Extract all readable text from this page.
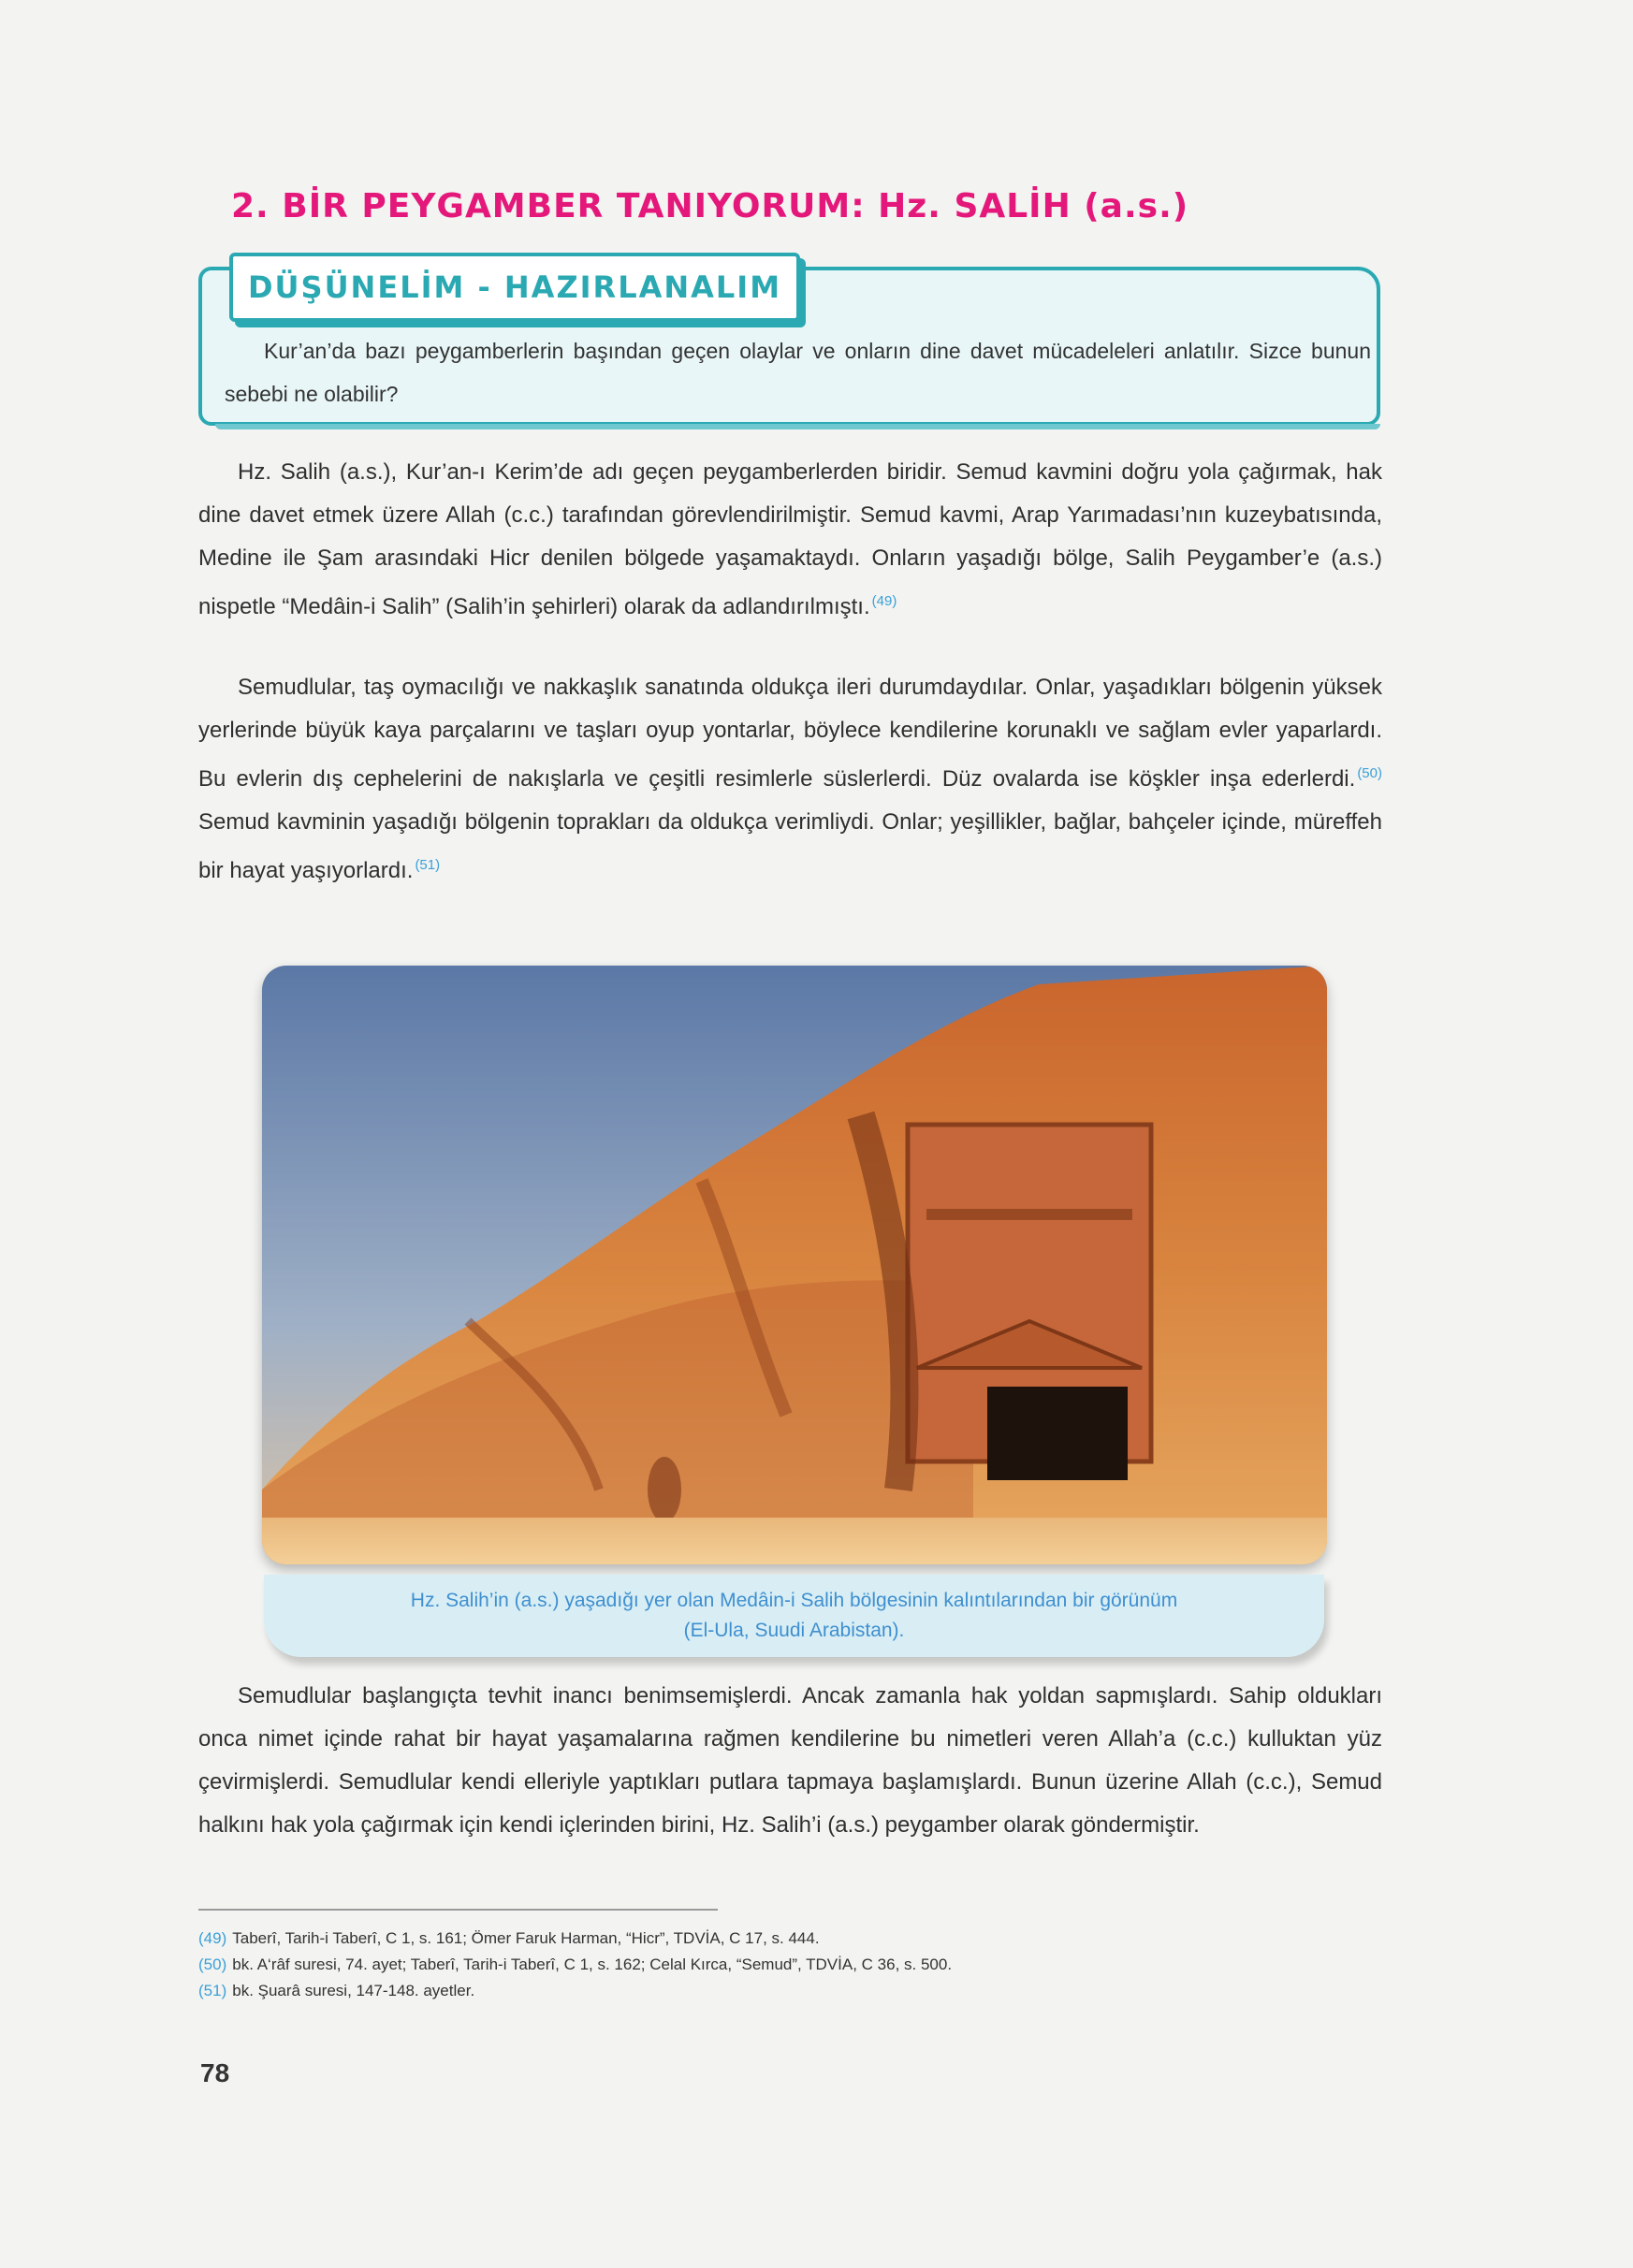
2. BİR PEYGAMBER TANIYORUM: Hz. SALİH (a.s.)
DÜŞÜNELİM - HAZIRLANALIM

Kur’an’da bazı peygamberlerin başından geçen olaylar ve onların dine davet mücadeleleri anlatılır. Sizce bunun sebebi ne olabilir?

Hz. Salih (a.s.), Kur’an-ı Kerim’de adı geçen peygamberlerden biridir. Semud kavmini doğru yola çağırmak, hak dine davet etmek üzere Allah (c.c.) tarafından görevlendirilmiştir. Semud kavmi, Arap Yarımadası’nın kuzeybatısında, Medine ile Şam arasındaki Hicr denilen bölgede yaşamaktaydı. Onların yaşadığı bölge, Salih Peygamber’e (a.s.) nispetle “Medâin-i Salih” (Salih’in şehirleri) olarak da adlandırılmıştı. $^{(49)}$

Semudlular, taş oymacılığı ve nakkaşlık sanatında oldukça ileri durumdaydılar. Onlar, yaşadıkları bölgenin yüksek yerlerinde büyük kaya parçalarını ve taşları oyup yontarlar, böylece kendilerine korunaklı ve sağlam evler yaparlardı. Bu evlerin dış cephelerini de nakışlarla ve çeşitli resimlerle süslerlerdi. Düz ovalarda ise köşkler inşa ederlerdi. $^{(50)}$ Semud kavminin yaşadığı bölgenin toprakları da oldukça verimliydi. Onlar; yeşillikler, bağlar, bahçeler içinde, müreffeh bir hayat yaşıyorlardı. $^{(51)}$

Hz. Salih’in (a.s.) yaşadığı yer olan Medâin-i Salih bölgesinin kalıntılarından bir görünüm
(El-Ula, Suudi Arabistan).

Semudlular başlangıçta tevhit inancı benimsemişlerdi. Ancak zamanla hak yoldan sapmışlardı. Sahip oldukları onca nimet içinde rahat bir hayat yaşamalarına rağmen kendilerine bu nimetleri veren Allah’a (c.c.) kulluktan yüz çevirmişlerdi. Semudlular kendi elleriyle yaptıkları putlara tapmaya başlamışlardı. Bunun üzerine Allah (c.c.), Semud halkını hak yola çağırmak için kendi içlerinden birini, Hz. Salih’i (a.s.) peygamber olarak göndermiştir.

(49) Taberî, Tarih-i Taberî, C 1, s. 161; Ömer Faruk Harman, “Hicr”, TDVİA, C 17, s. 444.
(50) bk. A‘râf suresi, 74. ayet; Taberî, Tarih-i Taberî, C 1, s. 162; Celal Kırca, “Semud”, TDVİA, C 36, s. 500.
(51) bk. Şuarâ suresi, 147-148. ayetler.

78
